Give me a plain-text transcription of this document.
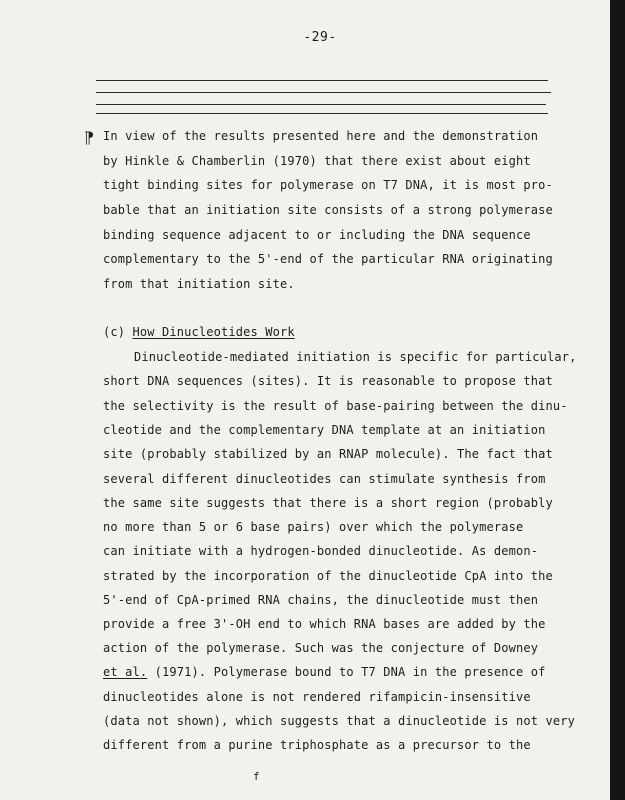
-29-
¶ In view of the results presented here and the demonstration
by Hinkle & Chamberlin (1970) that there exist about eight
tight binding sites for polymerase on T7 DNA, it is most pro-
bable that an initiation site consists of a strong polymerase
binding sequence adjacent to or including the DNA sequence
complementary to the 5'-end of the particular RNA originating
from that initiation site.
(c) How Dinucleotides Work
Dinucleotide-mediated initiation is specific for particular,
short DNA sequences (sites). It is reasonable to propose that
the selectivity is the result of base-pairing between the dinu-
cleotide and the complementary DNA template at an initiation
site (probably stabilized by an RNAP molecule). The fact that
several different dinucleotides can stimulate synthesis from
the same site suggests that there is a short region (probably
no more than 5 or 6 base pairs) over which the polymerase
can initiate with a hydrogen-bonded dinucleotide. As demon-
strated by the incorporation of the dinucleotide CpA into the
5'-end of CpA-primed RNA chains, the dinucleotide must then
provide a free 3'-OH end to which RNA bases are added by the
action of the polymerase. Such was the conjecture of Downey
et al. (1971). Polymerase bound to T7 DNA in the presence of
dinucleotides alone is not rendered rifampicin-insensitive
(data not shown), which suggests that a dinucleotide is not very
different from a purine triphosphate as a precursor to the
f
